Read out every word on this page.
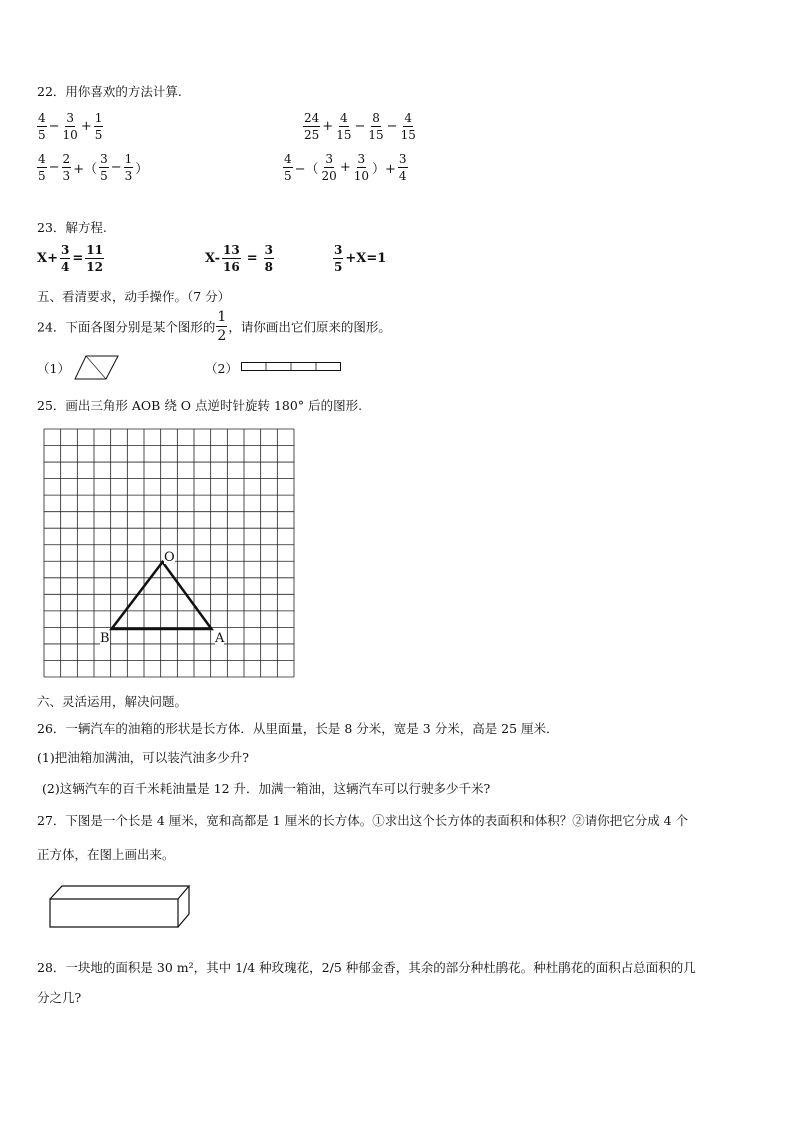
22．用你喜欢的方法计算.
$\frac{4}{5} - \frac{3}{10} + \frac{1}{5}$	$\frac{24}{25} + \frac{4}{15} - \frac{8}{15} - \frac{4}{15}$
$\frac{4}{5} - \frac{2}{3}$ +（ $\frac{3}{5} - \frac{1}{3}$ ）	$\frac{4}{5}$ −（ $\frac{3}{20} + \frac{3}{10}$ ）+ $\frac{3}{4}$
23．解方程.
$X+ \frac{3}{4} = \frac{11}{12}$	$X- \frac{13}{16} = \frac{3}{8}$	$\frac{3}{5} +X=1$
五、看清要求，动手操作。（7 分）
24．下面各图分别是某个图形的 $\frac{1}{2}$ ，请你画出它们原来的图形。
（1）	（2）
25．画出三角形 AOB 绕 O 点逆时针旋转 180° 后的图形.
O
A
B
六、灵活运用，解决问题。
26．一辆汽车的油箱的形状是长方体．从里面量，长是 8 分米，宽是 3 分米，高是 25 厘米．
(1)把油箱加满油，可以装汽油多少升?
(2)这辆汽车的百千米耗油量是 12 升．加满一箱油，这辆汽车可以行驶多少千米?
27．下图是一个长是 4 厘米，宽和高都是 1 厘米的长方体。①求出这个长方体的表面积和体积？②请你把它分成 4 个
正方体，在图上画出来。
28．一块地的面积是 30 m²，其中 1/4 种玫瑰花，2/5 种郁金香，其余的部分种杜鹃花。种杜鹃花的面积占总面积的几
分之几?
